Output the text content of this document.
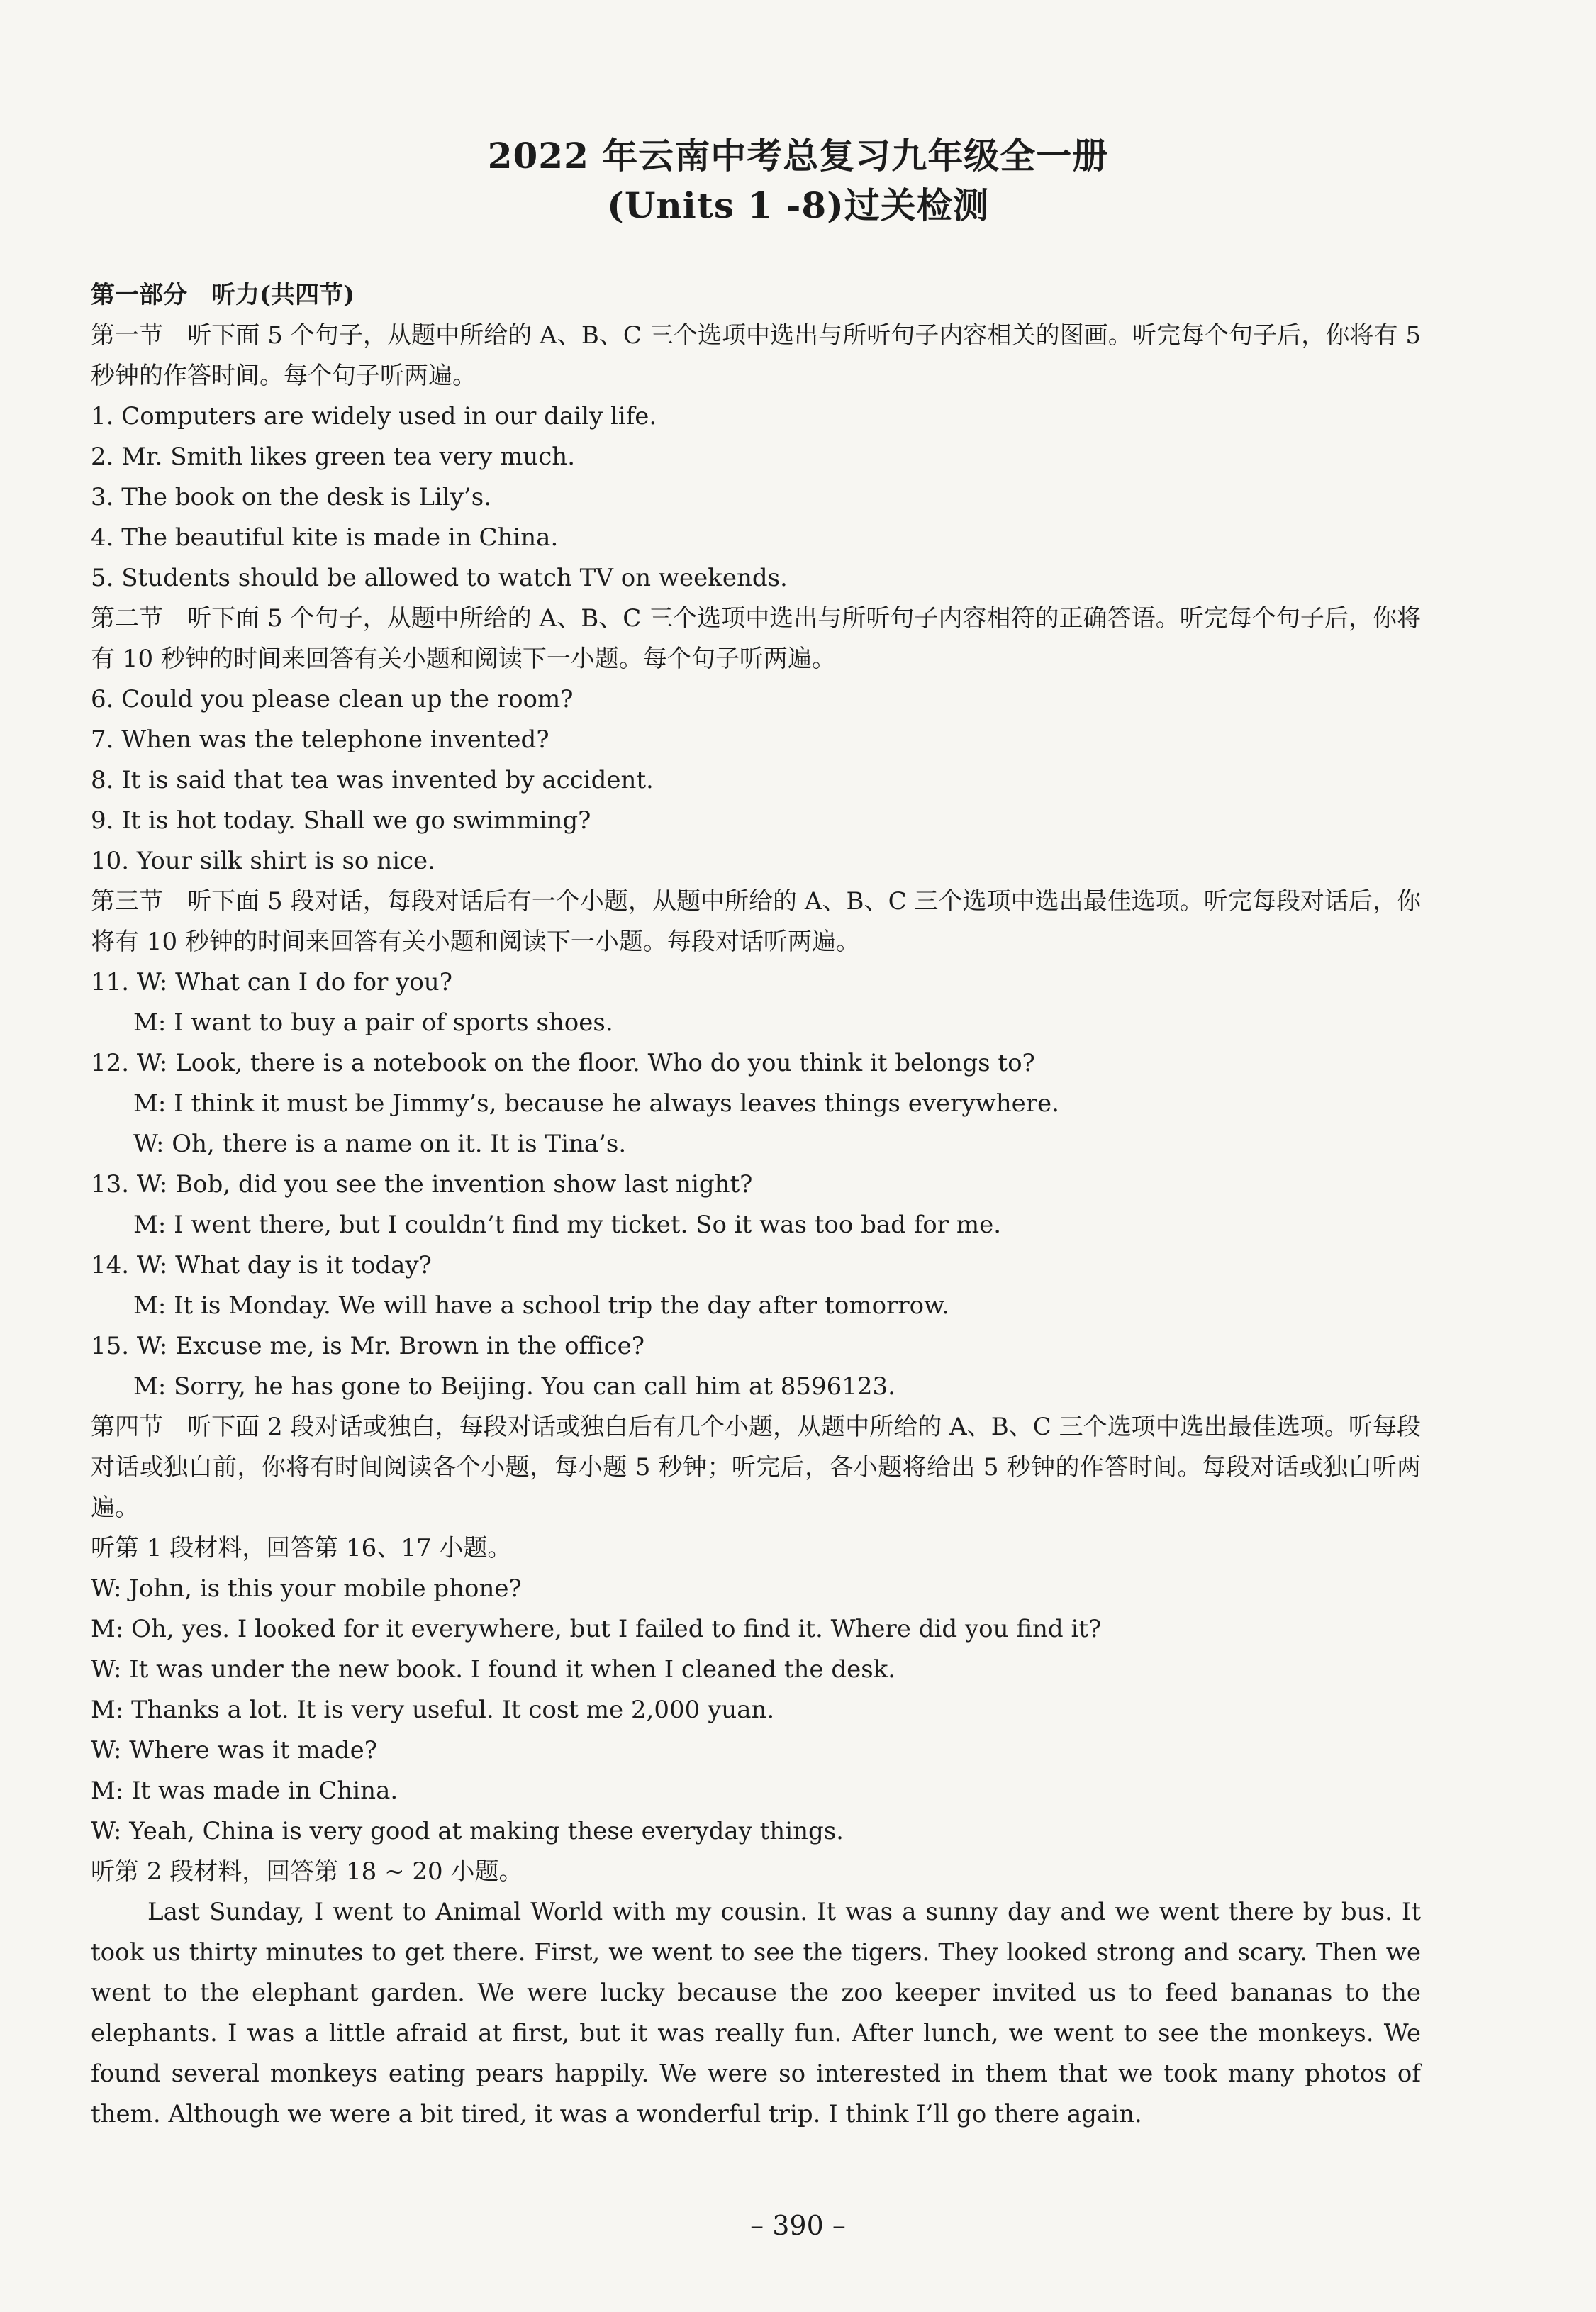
2022 年云南中考总复习九年级全一册
(Units 1 -8)过关检测
第一部分　听力(共四节)
第一节　听下面 5 个句子，从题中所给的 A、B、C 三个选项中选出与所听句子内容相关的图画。听完每个句子后，你将有 5 秒钟的作答时间。每个句子听两遍。
1. Computers are widely used in our daily life.
2. Mr. Smith likes green tea very much.
3. The book on the desk is Lily’s.
4. The beautiful kite is made in China.
5. Students should be allowed to watch TV on weekends.
第二节　听下面 5 个句子，从题中所给的 A、B、C 三个选项中选出与所听句子内容相符的正确答语。听完每个句子后，你将有 10 秒钟的时间来回答有关小题和阅读下一小题。每个句子听两遍。
6. Could you please clean up the room?
7. When was the telephone invented?
8. It is said that tea was invented by accident.
9. It is hot today. Shall we go swimming?
10. Your silk shirt is so nice.
第三节　听下面 5 段对话，每段对话后有一个小题，从题中所给的 A、B、C 三个选项中选出最佳选项。听完每段对话后，你将有 10 秒钟的时间来回答有关小题和阅读下一小题。每段对话听两遍。
11. W: What can I do for you?
M: I want to buy a pair of sports shoes.
12. W: Look, there is a notebook on the floor. Who do you think it belongs to?
M: I think it must be Jimmy’s, because he always leaves things everywhere.
W: Oh, there is a name on it. It is Tina’s.
13. W: Bob, did you see the invention show last night?
M: I went there, but I couldn’t find my ticket. So it was too bad for me.
14. W: What day is it today?
M: It is Monday. We will have a school trip the day after tomorrow.
15. W: Excuse me, is Mr. Brown in the office?
M: Sorry, he has gone to Beijing. You can call him at 8596123.
第四节　听下面 2 段对话或独白，每段对话或独白后有几个小题，从题中所给的 A、B、C 三个选项中选出最佳选项。听每段对话或独白前，你将有时间阅读各个小题，每小题 5 秒钟；听完后，各小题将给出 5 秒钟的作答时间。每段对话或独白听两遍。
听第 1 段材料，回答第 16、17 小题。
W: John, is this your mobile phone?
M: Oh, yes. I looked for it everywhere, but I failed to find it. Where did you find it?
W: It was under the new book. I found it when I cleaned the desk.
M: Thanks a lot. It is very useful. It cost me 2,000 yuan.
W: Where was it made?
M: It was made in China.
W: Yeah, China is very good at making these everyday things.
听第 2 段材料，回答第 18 ~ 20 小题。
Last Sunday, I went to Animal World with my cousin. It was a sunny day and we went there by bus. It took us thirty minutes to get there. First, we went to see the tigers. They looked strong and scary. Then we went to the elephant garden. We were lucky because the zoo keeper invited us to feed bananas to the elephants. I was a little afraid at first, but it was really fun. After lunch, we went to see the monkeys. We found several monkeys eating pears happily. We were so interested in them that we took many photos of them. Although we were a bit tired, it was a wonderful trip. I think I’ll go there again.
– 390 –
